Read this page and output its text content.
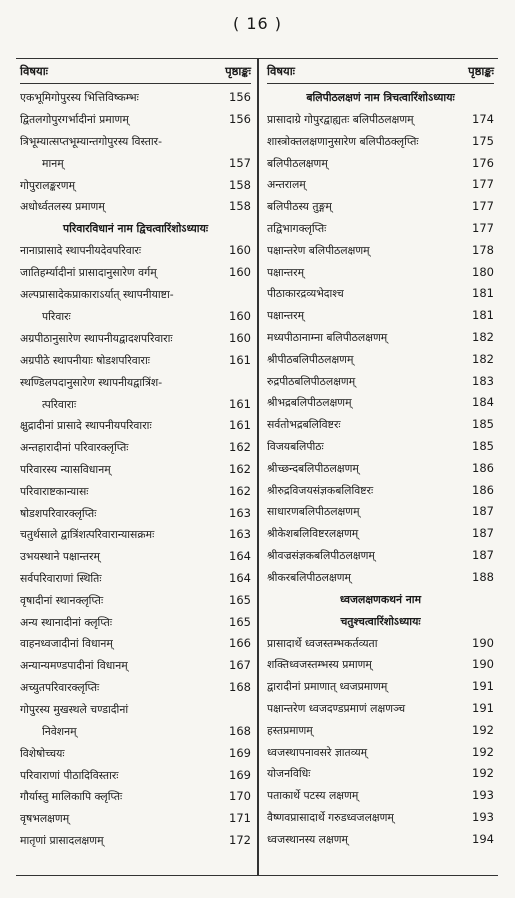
( 16 )
विषयाः	पृष्ठाङ्कः
एकभूमिगोपुरस्य भित्तिविष्कम्भः	156
द्वितलगोपुरगर्भादीनां प्रमाणम्	156
त्रिभूम्यात्सप्तभूम्यान्तगोपुरस्य विस्तार-
मानम्	157
गोपुरालङ्करणम्	158
अधोर्ध्वतलस्य प्रमाणम्	158
परिवारविधानं नाम द्विचत्वारिंशोऽध्यायः
नानाप्रासादे स्थापनीयदेवपरिवारः	160
जातिहर्म्यादीनां प्रासादानुसारेण वर्गम्	160
अल्पप्रासादेकप्राकाराऽर्यात् स्थापनीयाष्टा-
परिवारः	160
अग्रपीठानुसारेण स्थापनीयद्वादशपरिवाराः	160
अग्रपीठे स्थापनीयाः षोडशपरिवाराः	161
स्थण्डिलपदानुसारेण स्थापनीयद्वात्रिंश-
त्परिवाराः	161
क्षुद्रादीनां प्रासादे स्थापनीयपरिवाराः	161
अन्तहारादीनां परिवारक्लृप्तिः	162
परिवारस्य न्यासविधानम्	162
परिवाराष्टकान्यासः	162
षोडशपरिवारक्लृप्तिः	163
चतुर्थसाले द्वात्रिंशत्परिवारान्यासक्रमः	163
उभयस्थाने पक्षान्तरम्	164
सर्वपरिवाराणां स्थितिः	164
वृषादीनां स्थानक्लृप्तिः	165
अन्य स्थानादीनां क्लृप्तिः	165
वाहनध्वजादीनां विधानम्	166
अन्यान्यमण्डपादीनां विधानम्	167
अच्युतपरिवारक्लृप्तिः	168
गोपुरस्य मुखस्थले चण्डादीनां
निवेशनम्	168
विशेषोच्चयः	169
परिवाराणां पीठादिविस्तारः	169
गौर्यास्तु मालिकापि क्लृप्तिः	170
वृषभलक्षणम्	171
मातृणां प्रासादलक्षणम्	172
विषयाः	पृष्ठाङ्कः
बलिपीठलक्षणं नाम त्रिचत्वारिंशोऽध्यायः
प्रासादाग्रे गोपुरद्वाह्यतः बलिपीठलक्षणम्	174
शास्त्रोक्तलक्षणानुसारेण बलिपीठक्लृप्तिः	175
बलिपीठलक्षणम्	176
अन्तरालम्	177
बलिपीठस्य तुङ्गम्	177
तद्विभागक्लृप्तिः	177
पक्षान्तरेण बलिपीठलक्षणम्	178
पक्षान्तरम्	180
पीठाकारद्रव्यभेदाश्च	181
पक्षान्तरम्	181
मध्यपीठानाम्ना बलिपीठलक्षणम्	182
श्रीपीठबलिपीठलक्षणम्	182
रुद्रपीठबलिपीठलक्षणम्	183
श्रीभद्रबलिपीठलक्षणम्	184
सर्वतोभद्रबलिविष्टरः	185
विजयबलिपीठः	185
श्रीच्छन्दबलिपीठलक्षणम्	186
श्रीरुद्रविजयसंज्ञकबलिविष्टरः	186
साधारणबलिपीठलक्षणम्	187
श्रीकेशबलिविष्टरलक्षणम्	187
श्रीवज्रसंज्ञकबलिपीठलक्षणम्	187
श्रीकरबलिपीठलक्षणम्	188
ध्वजलक्षणकथनं नाम
चतुश्चत्वारिंशोऽध्यायः
प्रासादार्थे ध्वजस्तम्भकर्तव्यता	190
शक्तिध्वजस्तम्भस्य प्रमाणम्	190
द्वारादीनां प्रमाणात् ध्वजप्रमाणम्	191
पक्षान्तरेण ध्वजदण्डप्रमाणं लक्षणञ्च	191
हस्तप्रमाणम्	192
ध्वजस्थापनावसरे ज्ञातव्यम्	192
योजनविधिः	192
पताकार्थे पटस्य लक्षणम्	193
वैष्णवप्रासादार्थे गरुडध्वजलक्षणम्	193
ध्वजस्थानस्य लक्षणम्	194
